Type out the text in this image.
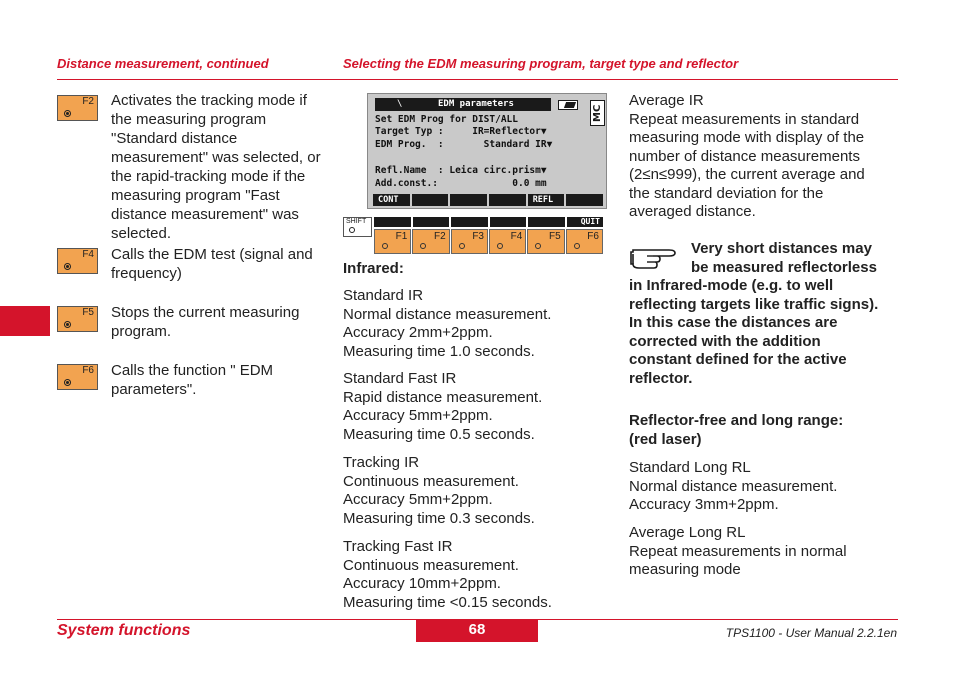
Distance measurement, continued	Selecting the EDM measuring program, target type and reflector
F2 Activates the tracking mode if the measuring program "Standard distance measurement" was selected, or the rapid-tracking mode if the measuring program "Fast distance measurement" was selected.
F4 Calls the EDM test (signal and frequency)
F5 Stops the current measuring program.
F6 Calls the function " EDM parameters".
\	EDM parameters
MC
Set EDM Prog for DIST/ALL
Target Typ :     IR=Reflector▼
EDM Prog.  :       Standard IR▼
Refl.Name  : Leica circ.prism▼
Add.const.:             0.0 mm
CONT	REFL
SHIFT	QUIT
F1	F2	F3	F4	F5	F6
Infrared:
Standard IR
Normal distance measurement.
Accuracy 2mm+2ppm.
Measuring time 1.0 seconds.
Standard Fast IR
Rapid distance measurement.
Accuracy 5mm+2ppm.
Measuring time 0.5 seconds.
Tracking IR
Continuous measurement.
Accuracy 5mm+2ppm.
Measuring time 0.3 seconds.
Tracking Fast IR
Continuous measurement.
Accuracy 10mm+2ppm.
Measuring time <0.15 seconds.
Average IR
Repeat measurements in standard
measuring mode with display of the
number of distance measurements
(2≤n≤999), the current average and
the standard deviation for the
averaged distance.
Very short distances may
be measured reflectorless
in Infrared-mode (e.g. to well
reflecting targets like traffic signs).
In this case the distances are
corrected with the addition
constant defined for the active
reflector.
Reflector-free and long range:
(red laser)
Standard Long RL
Normal distance measurement.
Accuracy 3mm+2ppm.
Average Long RL
Repeat measurements in normal
measuring mode
System functions	68	TPS1100 - User Manual 2.2.1en
